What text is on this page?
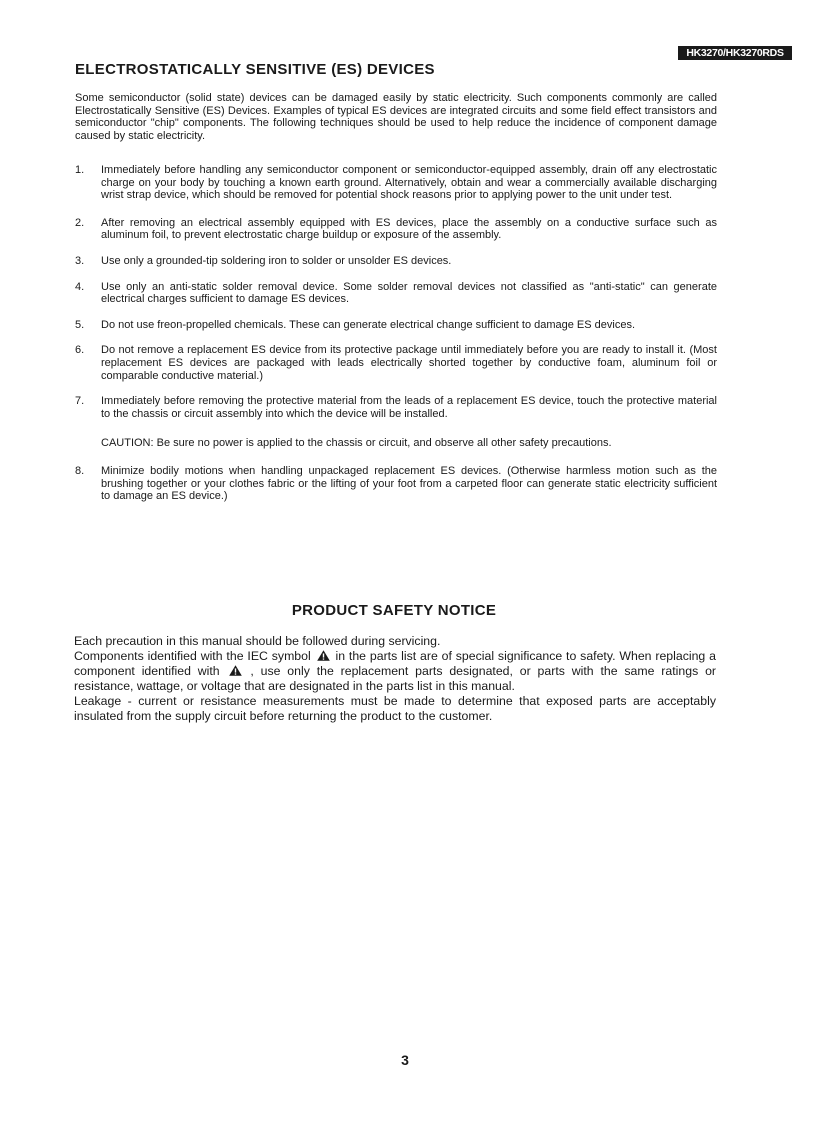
HK3270/HK3270RDS
ELECTROSTATICALLY SENSITIVE (ES) DEVICES

Some semiconductor (solid state) devices can be damaged easily by static electricity. Such components commonly are called Electrostatically Sensitive (ES) Devices. Examples of typical ES devices are integrated circuits and some field effect transistors and semiconductor "chip" components. The following techniques should be used to help reduce the incidence of component damage caused by static electricity.

1. Immediately before handling any semiconductor component or semiconductor-equipped assembly, drain off any electrostatic charge on your body by touching a known earth ground. Alternatively, obtain and wear a commercially available discharging wrist strap device, which should be removed for potential shock reasons prior to applying power to the unit under test.
2. After removing an electrical assembly equipped with ES devices, place the assembly on a conductive surface such as aluminum foil, to prevent electrostatic charge buildup or exposure of the assembly.
3. Use only a grounded-tip soldering iron to solder or unsolder ES devices.
4. Use only an anti-static solder removal device. Some solder removal devices not classified as "anti-static" can generate electrical charges sufficient to damage ES devices.
5. Do not use freon-propelled chemicals. These can generate electrical change sufficient to damage ES devices.
6. Do not remove a replacement ES device from its protective package until immediately before you are ready to install it. (Most replacement ES devices are packaged with leads electrically shorted together by conductive foam, aluminum foil or comparable conductive material.)
7. Immediately before removing the protective material from the leads of a replacement ES device, touch the protective material to the chassis or circuit assembly into which the device will be installed.
CAUTION: Be sure no power is applied to the chassis or circuit, and observe all other safety precautions.
8. Minimize bodily motions when handling unpackaged replacement ES devices. (Otherwise harmless motion such as the brushing together or your clothes fabric or the lifting of your foot from a carpeted floor can generate static electricity sufficient to damage an ES device.)
PRODUCT SAFETY NOTICE

Each precaution in this manual should be followed during servicing.
Components identified with the IEC symbol in the parts list are of special significance to safety. When replacing a component identified with , use only the replacement parts designated, or parts with the same ratings or resistance, wattage, or voltage that are designated in the parts list in this manual.
Leakage - current or resistance measurements must be made to determine that exposed parts are acceptably insulated from the supply circuit before returning the product to the customer.

3
